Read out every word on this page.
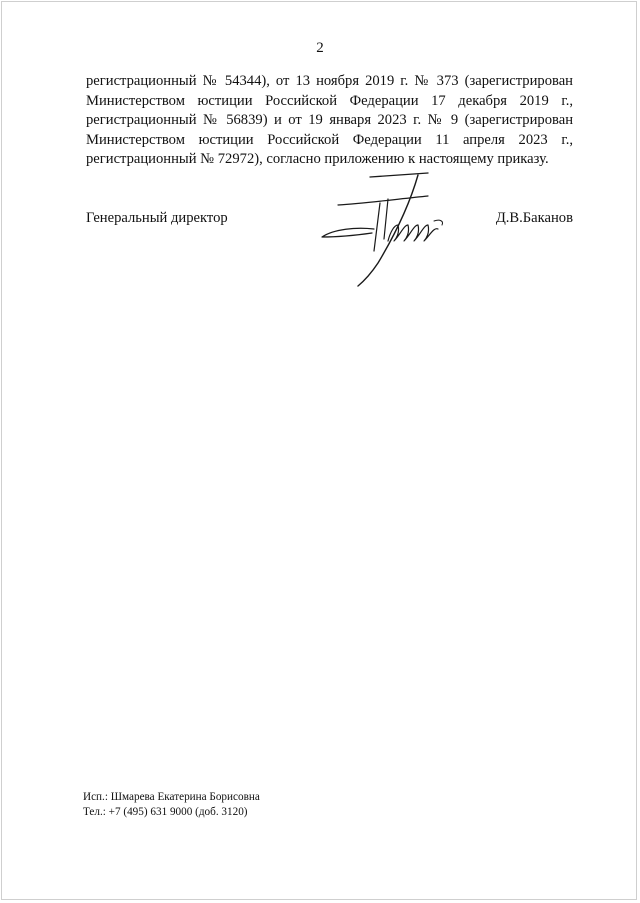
2
регистрационный № 54344), от 13 ноября 2019 г. № 373 (зарегистрирован
Министерством юстиции Российской Федерации 17 декабря 2019 г.,
регистрационный № 56839) и от 19 января 2023 г. № 9 (зарегистрирован
Министерством юстиции Российской Федерации 11 апреля 2023 г.,
регистрационный № 72972), согласно приложению к настоящему приказу.
Генеральный директор	Д.В.Баканов
Исп.: Шмарева Екатерина Борисовна
Тел.: +7 (495) 631 9000 (доб. 3120)
